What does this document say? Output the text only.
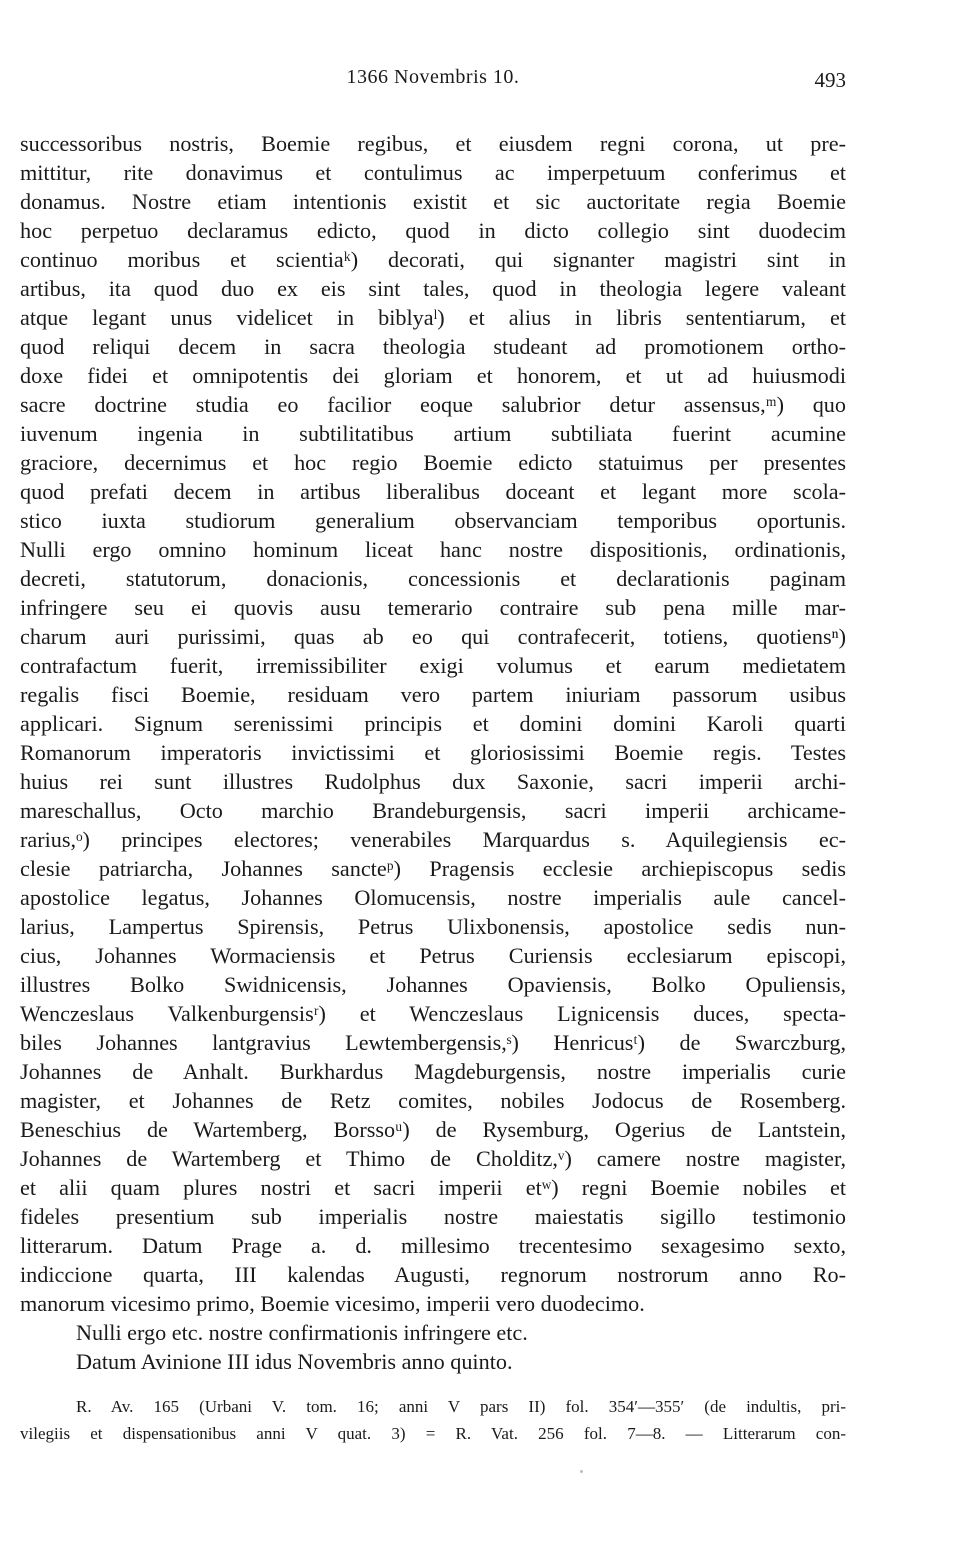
1366 Novembris 10.	493
successoribus nostris, Boemie regibus, et eiusdem regni corona, ut pre-
mittitur, rite donavimus et contulimus ac imperpetuum conferimus et
donamus. Nostre etiam intentionis existit et sic auctoritate regia Boemie
hoc perpetuo declaramus edicto, quod in dicto collegio sint duodecim
continuo moribus et scientiaᵏ) decorati, qui signanter magistri sint in
artibus, ita quod duo ex eis sint tales, quod in theologia legere valeant
atque legant unus videlicet in biblyaˡ) et alius in libris sententiarum, et
quod reliqui decem in sacra theologia studeant ad promotionem ortho-
doxe fidei et omnipotentis dei gloriam et honorem, et ut ad huiusmodi
sacre doctrine studia eo facilior eoque salubrior detur assensus,ᵐ) quo
iuvenum ingenia in subtilitatibus artium subtiliata fuerint acumine
graciore, decernimus et hoc regio Boemie edicto statuimus per presentes
quod prefati decem in artibus liberalibus doceant et legant more scola-
stico iuxta studiorum generalium observanciam temporibus oportunis.
Nulli ergo omnino hominum liceat hanc nostre dispositionis, ordinationis,
decreti, statutorum, donacionis, concessionis et declarationis paginam
infringere seu ei quovis ausu temerario contraire sub pena mille mar-
charum auri purissimi, quas ab eo qui contrafecerit, totiens, quotiensⁿ)
contrafactum fuerit, irremissibiliter exigi volumus et earum medietatem
regalis fisci Boemie, residuam vero partem iniuriam passorum usibus
applicari. Signum serenissimi principis et domini domini Karoli quarti
Romanorum imperatoris invictissimi et gloriosissimi Boemie regis. Testes
huius rei sunt illustres Rudolphus dux Saxonie, sacri imperii archi-
mareschallus, Octo marchio Brandeburgensis, sacri imperii archicame-
rarius,ᵒ) principes electores; venerabiles Marquardus s. Aquilegiensis ec-
clesie patriarcha, Johannes sancteᵖ) Pragensis ecclesie archiepiscopus sedis
apostolice legatus, Johannes Olomucensis, nostre imperialis aule cancel-
larius, Lampertus Spirensis, Petrus Ulixbonensis, apostolice sedis nun-
cius, Johannes Wormaciensis et Petrus Curiensis ecclesiarum episcopi,
illustres Bolko Swidnicensis, Johannes Opaviensis, Bolko Opuliensis,
Wenczeslaus Valkenburgensisʳ) et Wenczeslaus Lignicensis duces, specta-
biles Johannes lantgravius Lewtembergensis,ˢ) Henricusᵗ) de Swarczburg,
Johannes de Anhalt. Burkhardus Magdeburgensis, nostre imperialis curie
magister, et Johannes de Retz comites, nobiles Jodocus de Rosemberg.
Beneschius de Wartemberg, Borssoᵘ) de Rysemburg, Ogerius de Lantstein,
Johannes de Wartemberg et Thimo de Cholditz,ᵛ) camere nostre magister,
et alii quam plures nostri et sacri imperii etʷ) regni Boemie nobiles et
fideles presentium sub imperialis nostre maiestatis sigillo testimonio
litterarum. Datum Prage a. d. millesimo trecentesimo sexagesimo sexto,
indiccione quarta, III kalendas Augusti, regnorum nostrorum anno Ro-
manorum vicesimo primo, Boemie vicesimo, imperii vero duodecimo.
Nulli ergo etc. nostre confirmationis infringere etc.
Datum Avinione III idus Novembris anno quinto.
R. Av. 165 (Urbani V. tom. 16; anni V pars II) fol. 354′—355′ (de indultis, pri-
vilegiis et dispensationibus anni V quat. 3) = R. Vat. 256 fol. 7—8. — Litterarum con-
